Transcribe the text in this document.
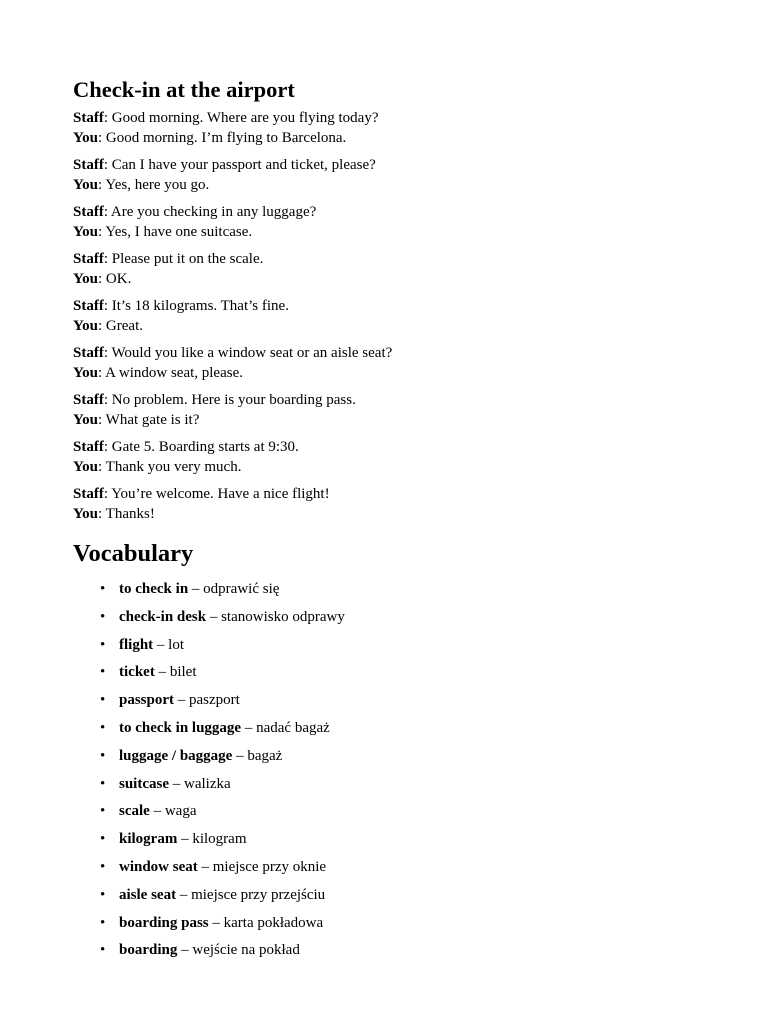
Check-in at the airport

Staff: Good morning. Where are you flying today?
You: Good morning. I’m flying to Barcelona.

Staff: Can I have your passport and ticket, please?
You: Yes, here you go.

Staff: Are you checking in any luggage?
You: Yes, I have one suitcase.

Staff: Please put it on the scale.
You: OK.

Staff: It’s 18 kilograms. That’s fine.
You: Great.

Staff: Would you like a window seat or an aisle seat?
You: A window seat, please.

Staff: No problem. Here is your boarding pass.
You: What gate is it?

Staff: Gate 5. Boarding starts at 9:30.
You: Thank you very much.

Staff: You’re welcome. Have a nice flight!
You: Thanks!

Vocabulary
• to check in – odprawić się
• check-in desk – stanowisko odprawy
• flight – lot
• ticket – bilet
• passport – paszport
• to check in luggage – nadać bagaż
• luggage / baggage – bagaż
• suitcase – walizka
• scale – waga
• kilogram – kilogram
• window seat – miejsce przy oknie
• aisle seat – miejsce przy przejściu
• boarding pass – karta pokładowa
• boarding – wejście na pokład
